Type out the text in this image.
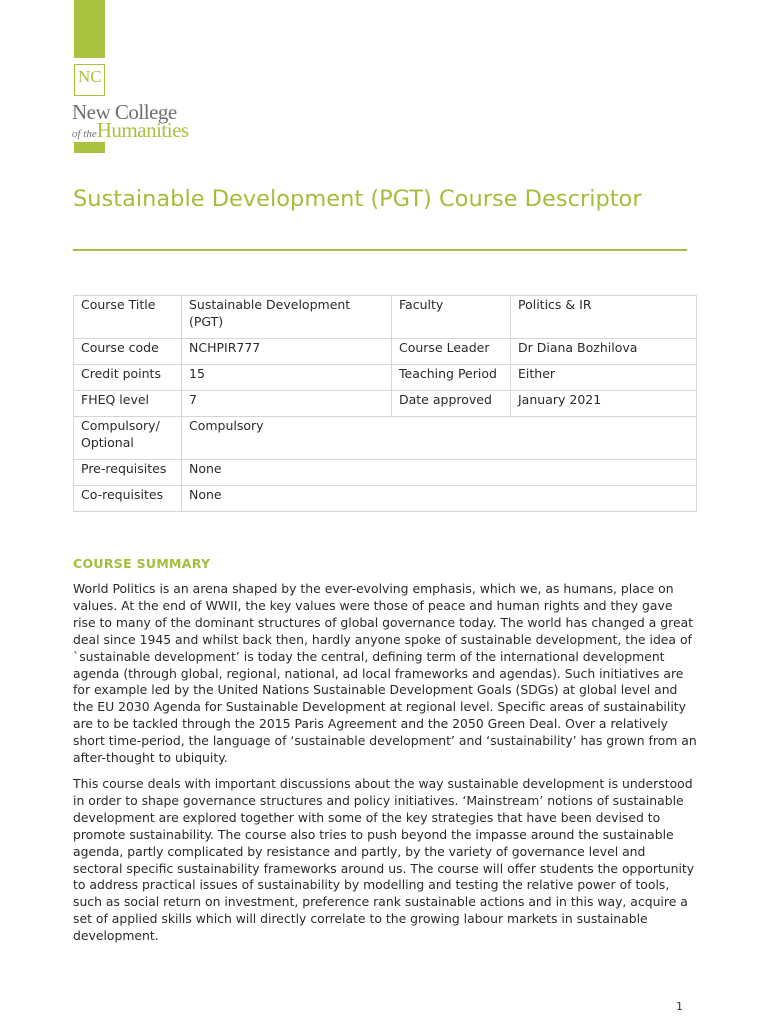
NC
New College
of theHumanities
Sustainable Development (PGT) Course Descriptor
Course Title	Sustainable Development (PGT)	Faculty	Politics & IR
Course code	NCHPIR777	Course Leader	Dr Diana Bozhilova
Credit points	15	Teaching Period	Either
FHEQ level	7	Date approved	January 2021
Compulsory/ Optional	Compulsory		
Pre-requisites	None		
Co-requisites	None		
COURSE SUMMARY

World Politics is an arena shaped by the ever-evolving emphasis, which we, as humans, place on values. At the end of WWII, the key values were those of peace and human rights and they gave rise to many of the dominant structures of global governance today. The world has changed a great deal since 1945 and whilst back then, hardly anyone spoke of sustainable development, the idea of `sustainable development’ is today the central, defining term of the international development agenda (through global, regional, national, ad local frameworks and agendas). Such initiatives are for example led by the United Nations Sustainable Development Goals (SDGs) at global level and the EU 2030 Agenda for Sustainable Development at regional level. Specific areas of sustainability are to be tackled through the 2015 Paris Agreement and the 2050 Green Deal. Over a relatively short time-period, the language of ‘sustainable development’ and ‘sustainability’ has grown from an after-thought to ubiquity.

This course deals with important discussions about the way sustainable development is understood in order to shape governance structures and policy initiatives. ‘Mainstream’ notions of sustainable development are explored together with some of the key strategies that have been devised to promote sustainability. The course also tries to push beyond the impasse around the sustainable agenda, partly complicated by resistance and partly, by the variety of governance level and sectoral specific sustainability frameworks around us. The course will offer students the opportunity to address practical issues of sustainability by modelling and testing the relative power of tools, such as social return on investment, preference rank sustainable actions and in this way, acquire a set of applied skills which will directly correlate to the growing labour markets in sustainable development.

1
